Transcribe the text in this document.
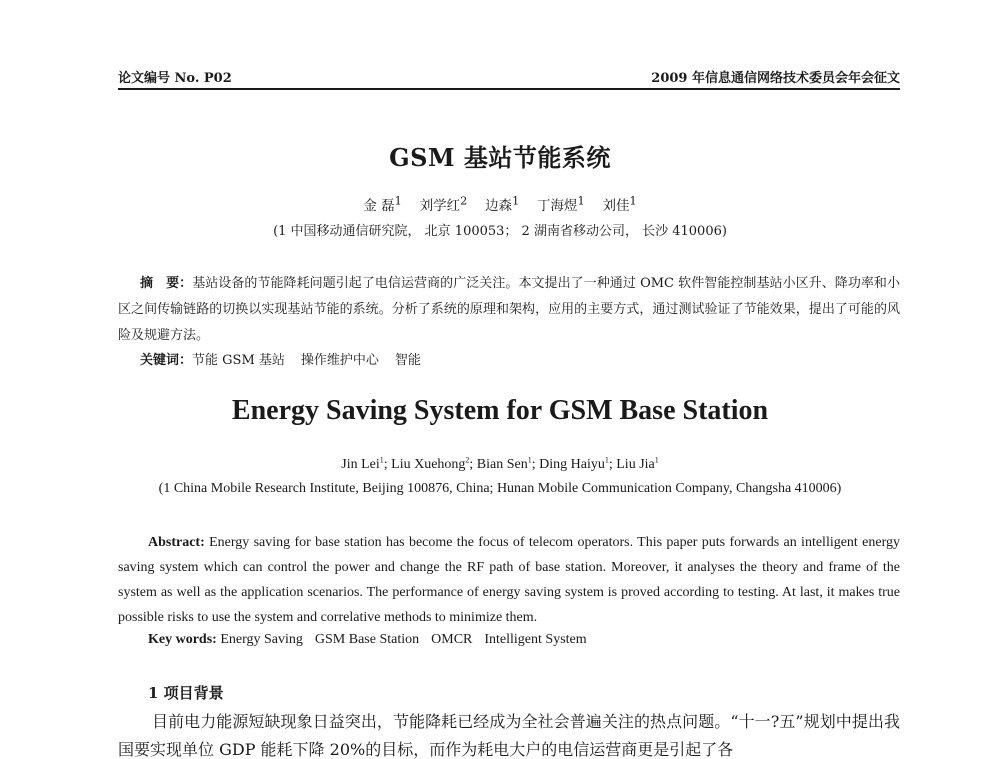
论文编号 No. P02	2009 年信息通信网络技术委员会年会征文
GSM 基站节能系统
金 磊$^1$  刘学红$^2$  边森$^1$  丁海煜$^1$  刘佳$^1$
(1 中国移动通信研究院， 北京 100053； 2 湖南省移动公司， 长沙 410006)
摘　要：基站设备的节能降耗问题引起了电信运营商的广泛关注。本文提出了一种通过 OMC 软件智能控制基站小区升、降功率和小区之间传输链路的切换以实现基站节能的系统。分析了系统的原理和架构，应用的主要方式，通过测试验证了节能效果，提出了可能的风险及规避方法。
关键词：节能 GSM 基站 操作维护中心 智能
Energy Saving System for GSM Base Station
Jin Lei$^1$; Liu Xuehong$^2$; Bian Sen$^1$; Ding Haiyu$^1$; Liu Jia$^1$
(1 China Mobile Research Institute, Beijing 100876, China; Hunan Mobile Communication Company, Changsha 410006)
Abstract: Energy saving for base station has become the focus of telecom operators. This paper puts forwards an intelligent energy saving system which can control the power and change the RF path of base station. Moreover, it analyses the theory and frame of the system as well as the application scenarios. The performance of energy saving system is proved according to testing. At last, it makes true possible risks to use the system and correlative methods to minimize them.
Key words: Energy Saving GSM Base Station OMCR Intelligent System
1 项目背景
目前电力能源短缺现象日益突出，节能降耗已经成为全社会普遍关注的热点问题。“十一?五”规划中提出我国要实现单位 GDP 能耗下降 20%的目标，而作为耗电大户的电信运营商更是引起了各
